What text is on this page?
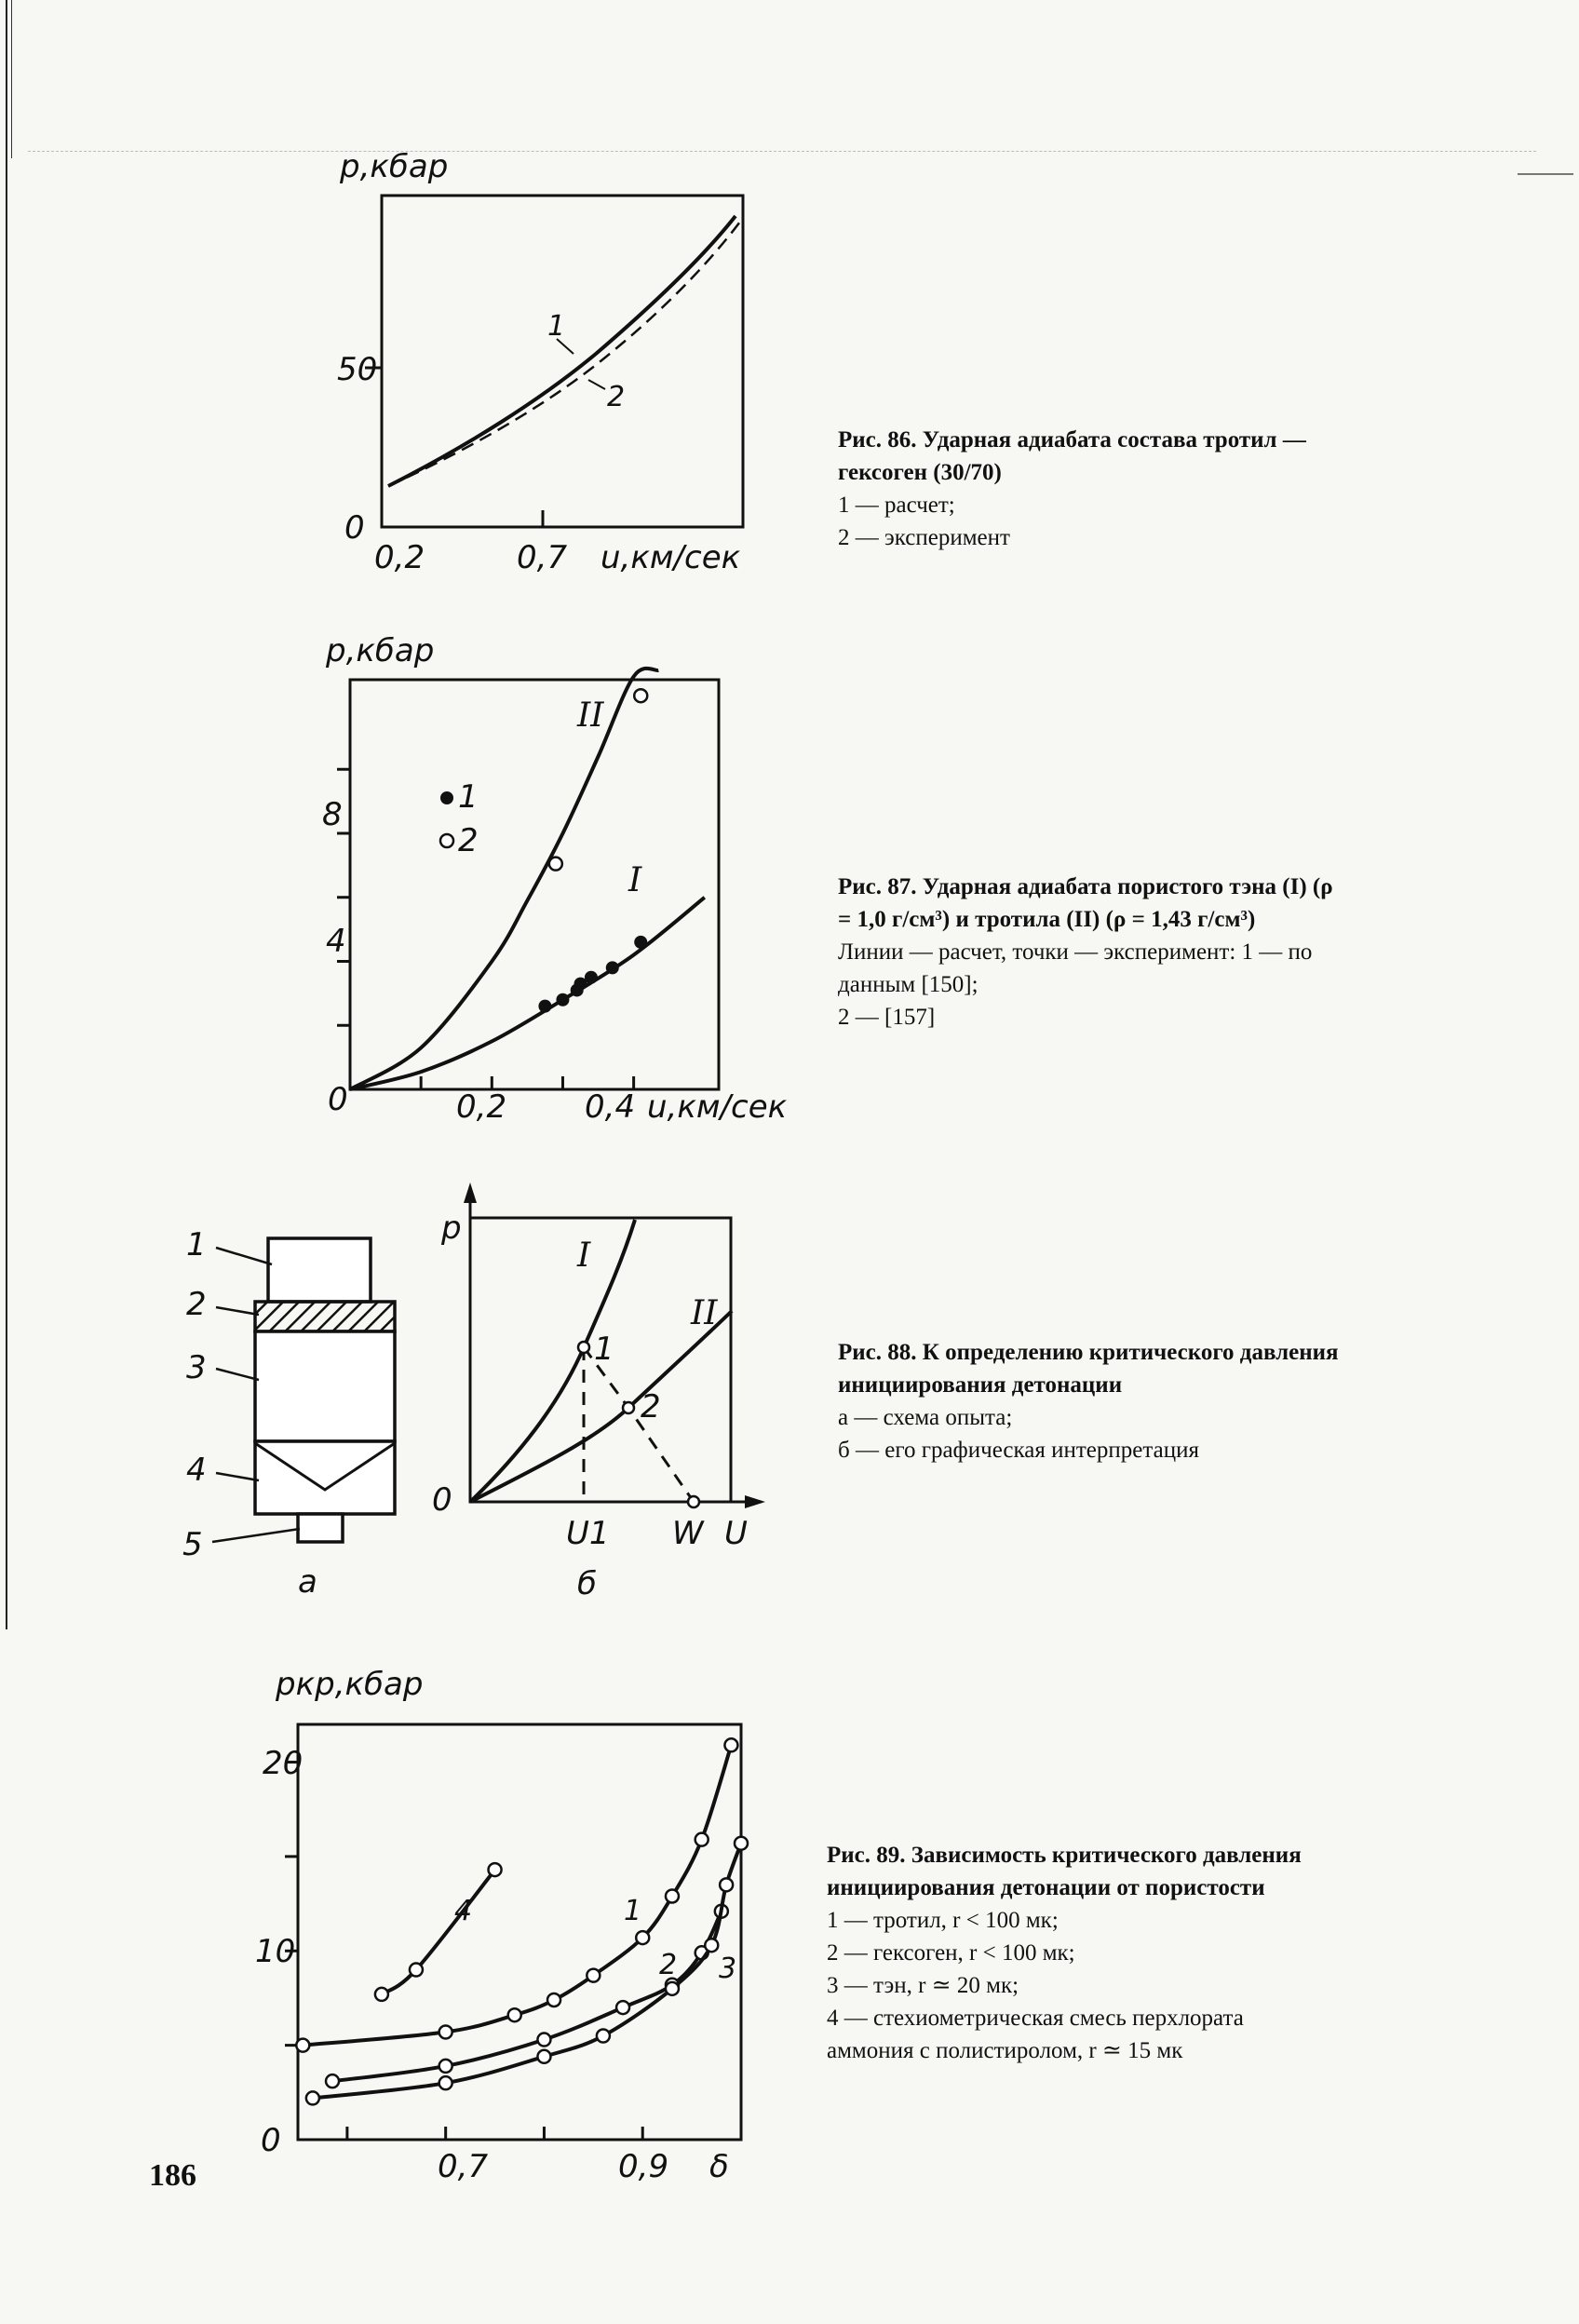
p,кбар
0
50
0,2	0,7 u,км/сек
1
2

Рис. 86. Ударная адиабата состава тротил — гексоген (30/70)

1 — расчет;

2 — эксперимент

p,кбар
0
4
8
0,2 0,4 u,км/сек
I
II
1
2

Рис. 87. Ударная адиабата пористого тэна (I) (ρ = 1,0 г/см³) и тротила (II) (ρ = 1,43 г/см³)

Линии — расчет, точки — эксперимент: 1 — по данным [150];

2 — [157]

1
2
3
4
5
а
p
0
U1 W U
I
II
1
2
б

Рис. 88. К определению критического давления инициирования детонации

а — схема опыта;

б — его графическая интерпретация

pкр,кбар
0
10
20
0,7	0,9 δ
4	1
2 3

Рис. 89. Зависимость критического давления инициирования детонации от пористости

1 — тротил, r < 100 мк;

2 — гексоген, r < 100 мк;

3 — тэн, r ≃ 20 мк;

4 — стехиометрическая смесь перхлората аммония с полистиролом, r ≃ 15 мк

186
